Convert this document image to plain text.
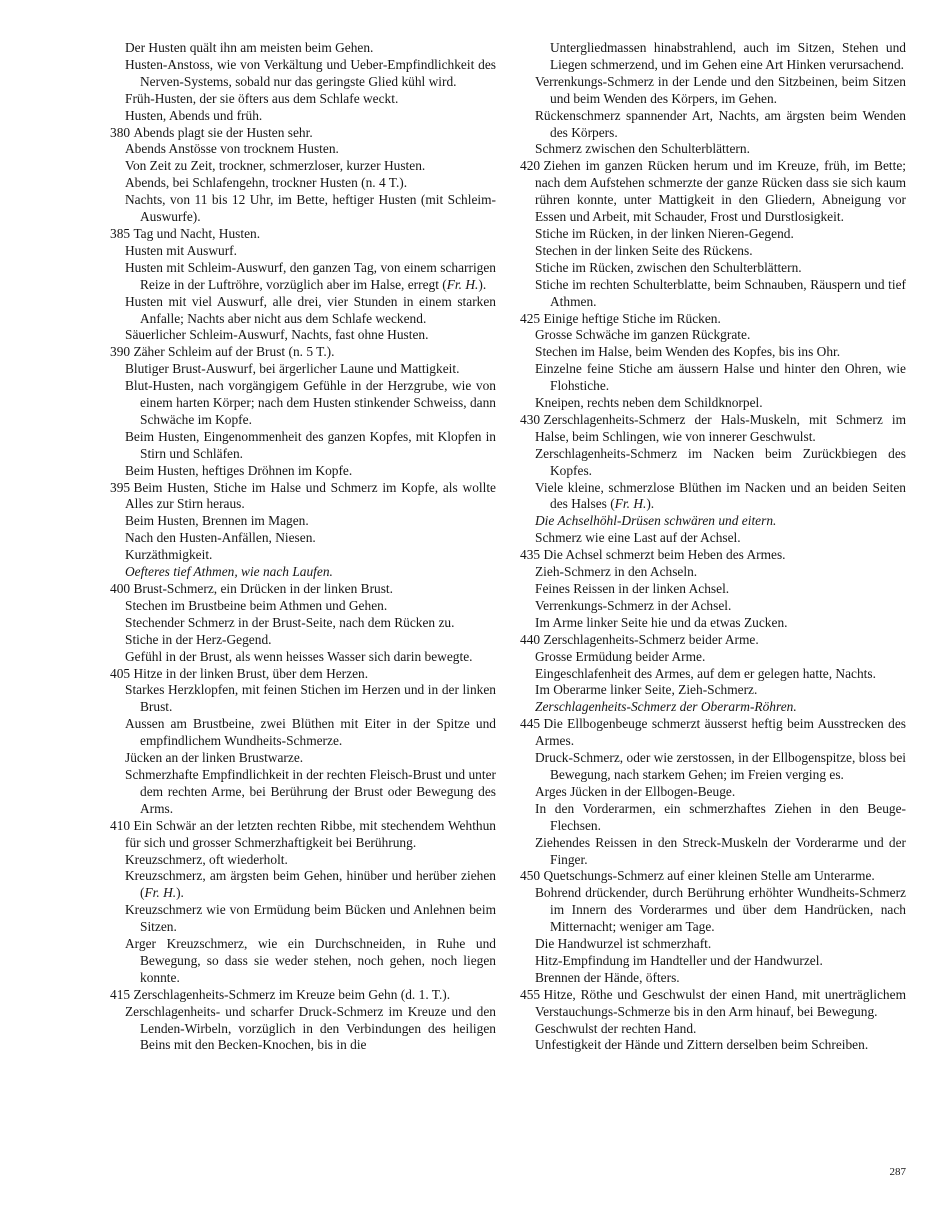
Der Husten quält ihn am meisten beim Gehen.
Husten-Anstoss, wie von Verkältung und Ueber-Empfindlichkeit des Nerven-Systems, sobald nur das geringste Glied kühl wird.
Früh-Husten, der sie öfters aus dem Schlafe weckt.
Husten, Abends und früh.
380 Abends plagt sie der Husten sehr.
Abends Anstösse von trocknem Husten.
Von Zeit zu Zeit, trockner, schmerzloser, kurzer Husten.
Abends, bei Schlafengehn, trockner Husten (n. 4 T.).
Nachts, von 11 bis 12 Uhr, im Bette, heftiger Husten (mit Schleim-Auswurfe).
385 Tag und Nacht, Husten.
Husten mit Auswurf.
Husten mit Schleim-Auswurf, den ganzen Tag, von einem scharrigen Reize in der Luftröhre, vorzüglich aber im Halse, erregt (Fr. H.).
Husten mit viel Auswurf, alle drei, vier Stunden in einem starken Anfalle; Nachts aber nicht aus dem Schlafe weckend.
Säuerlicher Schleim-Auswurf, Nachts, fast ohne Husten.
390 Zäher Schleim auf der Brust (n. 5 T.).
Blutiger Brust-Auswurf, bei ärgerlicher Laune und Mattigkeit.
Blut-Husten, nach vorgängigem Gefühle in der Herzgrube, wie von einem harten Körper; nach dem Husten stinkender Schweiss, dann Schwäche im Kopfe.
Beim Husten, Eingenommenheit des ganzen Kopfes, mit Klopfen in Stirn und Schläfen.
Beim Husten, heftiges Dröhnen im Kopfe.
395 Beim Husten, Stiche im Halse und Schmerz im Kopfe, als wollte Alles zur Stirn heraus.
Beim Husten, Brennen im Magen.
Nach den Husten-Anfällen, Niesen.
Kurzäthmigkeit.
Oefteres tief Athmen, wie nach Laufen.
400 Brust-Schmerz, ein Drücken in der linken Brust.
Stechen im Brustbeine beim Athmen und Gehen.
Stechender Schmerz in der Brust-Seite, nach dem Rücken zu.
Stiche in der Herz-Gegend.
Gefühl in der Brust, als wenn heisses Wasser sich darin bewegte.
405 Hitze in der linken Brust, über dem Herzen.
Starkes Herzklopfen, mit feinen Stichen im Herzen und in der linken Brust.
Aussen am Brustbeine, zwei Blüthen mit Eiter in der Spitze und empfindlichem Wundheits-Schmerze.
Jücken an der linken Brustwarze.
Schmerzhafte Empfindlichkeit in der rechten Fleisch-Brust und unter dem rechten Arme, bei Berührung der Brust oder Bewegung des Arms.
410 Ein Schwär an der letzten rechten Ribbe, mit stechendem Wehthun für sich und grosser Schmerzhaftigkeit bei Berührung.
Kreuzschmerz, oft wiederholt.
Kreuzschmerz, am ärgsten beim Gehen, hinüber und herüber ziehen (Fr. H.).
Kreuzschmerz wie von Ermüdung beim Bücken und Anlehnen beim Sitzen.
Arger Kreuzschmerz, wie ein Durchschneiden, in Ruhe und Bewegung, so dass sie weder stehen, noch gehen, noch liegen konnte.
415 Zerschlagenheits-Schmerz im Kreuze beim Gehn (d. 1. T.).
Zerschlagenheits- und scharfer Druck-Schmerz im Kreuze und den Lenden-Wirbeln, vorzüglich in den Verbindungen des heiligen Beins mit den Becken-Knochen, bis in die
Untergliedmassen hinabstrahlend, auch im Sitzen, Stehen und Liegen schmerzend, und im Gehen eine Art Hinken verursachend.
Verrenkungs-Schmerz in der Lende und den Sitzbeinen, beim Sitzen und beim Wenden des Körpers, im Gehen.
Rückenschmerz spannender Art, Nachts, am ärgsten beim Wenden des Körpers.
Schmerz zwischen den Schulterblättern.
420 Ziehen im ganzen Rücken herum und im Kreuze, früh, im Bette; nach dem Aufstehen schmerzte der ganze Rücken dass sie sich kaum rühren konnte, unter Mattigkeit in den Gliedern, Abneigung vor Essen und Arbeit, mit Schauder, Frost und Durstlosigkeit.
Stiche im Rücken, in der linken Nieren-Gegend.
Stechen in der linken Seite des Rückens.
Stiche im Rücken, zwischen den Schulterblättern.
Stiche im rechten Schulterblatte, beim Schnauben, Räuspern und tief Athmen.
425 Einige heftige Stiche im Rücken.
Grosse Schwäche im ganzen Rückgrate.
Stechen im Halse, beim Wenden des Kopfes, bis ins Ohr.
Einzelne feine Stiche am äussern Halse und hinter den Ohren, wie Flohstiche.
Kneipen, rechts neben dem Schildknorpel.
430 Zerschlagenheits-Schmerz der Hals-Muskeln, mit Schmerz im Halse, beim Schlingen, wie von innerer Geschwulst.
Zerschlagenheits-Schmerz im Nacken beim Zurückbiegen des Kopfes.
Viele kleine, schmerzlose Blüthen im Nacken und an beiden Seiten des Halses (Fr. H.).
Die Achselhöhl-Drüsen schwären und eitern.
Schmerz wie eine Last auf der Achsel.
435 Die Achsel schmerzt beim Heben des Armes.
Zieh-Schmerz in den Achseln.
Feines Reissen in der linken Achsel.
Verrenkungs-Schmerz in der Achsel.
Im Arme linker Seite hie und da etwas Zucken.
440 Zerschlagenheits-Schmerz beider Arme.
Grosse Ermüdung beider Arme.
Eingeschlafenheit des Armes, auf dem er gelegen hatte, Nachts.
Im Oberarme linker Seite, Zieh-Schmerz.
Zerschlagenheits-Schmerz der Oberarm-Röhren.
445 Die Ellbogenbeuge schmerzt äusserst heftig beim Ausstrecken des Armes.
Druck-Schmerz, oder wie zerstossen, in der Ellbogenspitze, bloss bei Bewegung, nach starkem Gehen; im Freien verging es.
Arges Jücken in der Ellbogen-Beuge.
In den Vorderarmen, ein schmerzhaftes Ziehen in den Beuge-Flechsen.
Ziehendes Reissen in den Streck-Muskeln der Vorderarme und der Finger.
450 Quetschungs-Schmerz auf einer kleinen Stelle am Unterarme.
Bohrend drückender, durch Berührung erhöhter Wundheits-Schmerz im Innern des Vorderarmes und über dem Handrücken, nach Mitternacht; weniger am Tage.
Die Handwurzel ist schmerzhaft.
Hitz-Empfindung im Handteller und der Handwurzel.
Brennen der Hände, öfters.
455 Hitze, Röthe und Geschwulst der einen Hand, mit unerträglichem Verstauchungs-Schmerze bis in den Arm hinauf, bei Bewegung.
Geschwulst der rechten Hand.
Unfestigkeit der Hände und Zittern derselben beim Schreiben.
287
